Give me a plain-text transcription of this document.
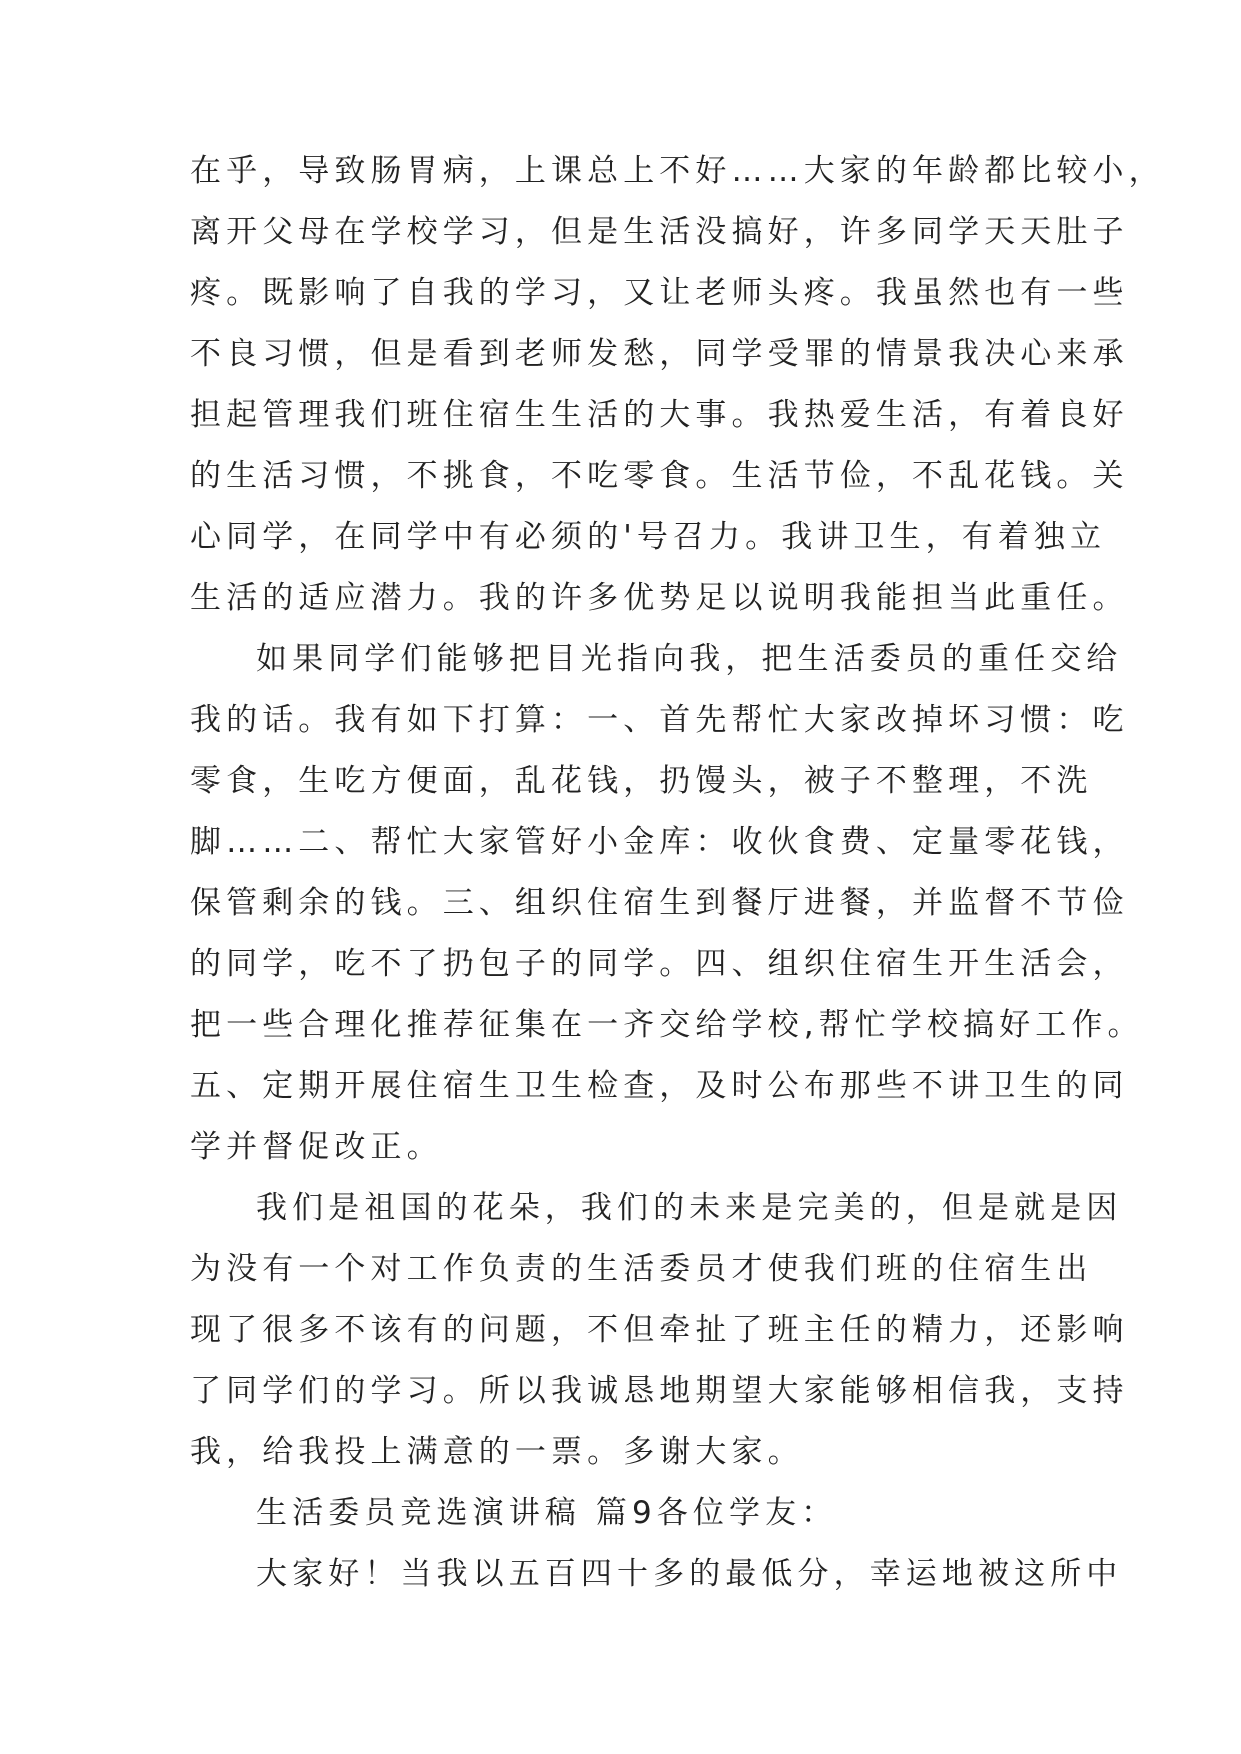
在乎，导致肠胃病，上课总上不好……大家的年龄都比较小，
离开父母在学校学习，但是生活没搞好，许多同学天天肚子
疼。既影响了自我的学习，又让老师头疼。我虽然也有一些
不良习惯，但是看到老师发愁，同学受罪的情景我决心来承
担起管理我们班住宿生生活的大事。我热爱生活，有着良好
的生活习惯，不挑食，不吃零食。生活节俭，不乱花钱。关
心同学，在同学中有必须的'号召力。我讲卫生，有着独立
生活的适应潜力。我的许多优势足以说明我能担当此重任。
如果同学们能够把目光指向我，把生活委员的重任交给
我的话。我有如下打算：一、首先帮忙大家改掉坏习惯：吃
零食，生吃方便面，乱花钱，扔馒头，被子不整理，不洗
脚……二、帮忙大家管好小金库：收伙食费、定量零花钱，
保管剩余的钱。三、组织住宿生到餐厅进餐，并监督不节俭
的同学，吃不了扔包子的同学。四、组织住宿生开生活会，
把一些合理化推荐征集在一齐交给学校,帮忙学校搞好工作。
五、定期开展住宿生卫生检查，及时公布那些不讲卫生的同
学并督促改正。
我们是祖国的花朵，我们的未来是完美的，但是就是因
为没有一个对工作负责的生活委员才使我们班的住宿生出
现了很多不该有的问题，不但牵扯了班主任的精力，还影响
了同学们的学习。所以我诚恳地期望大家能够相信我，支持
我，给我投上满意的一票。多谢大家。
生活委员竞选演讲稿 篇9各位学友：
大家好！当我以五百四十多的最低分，幸运地被这所中
